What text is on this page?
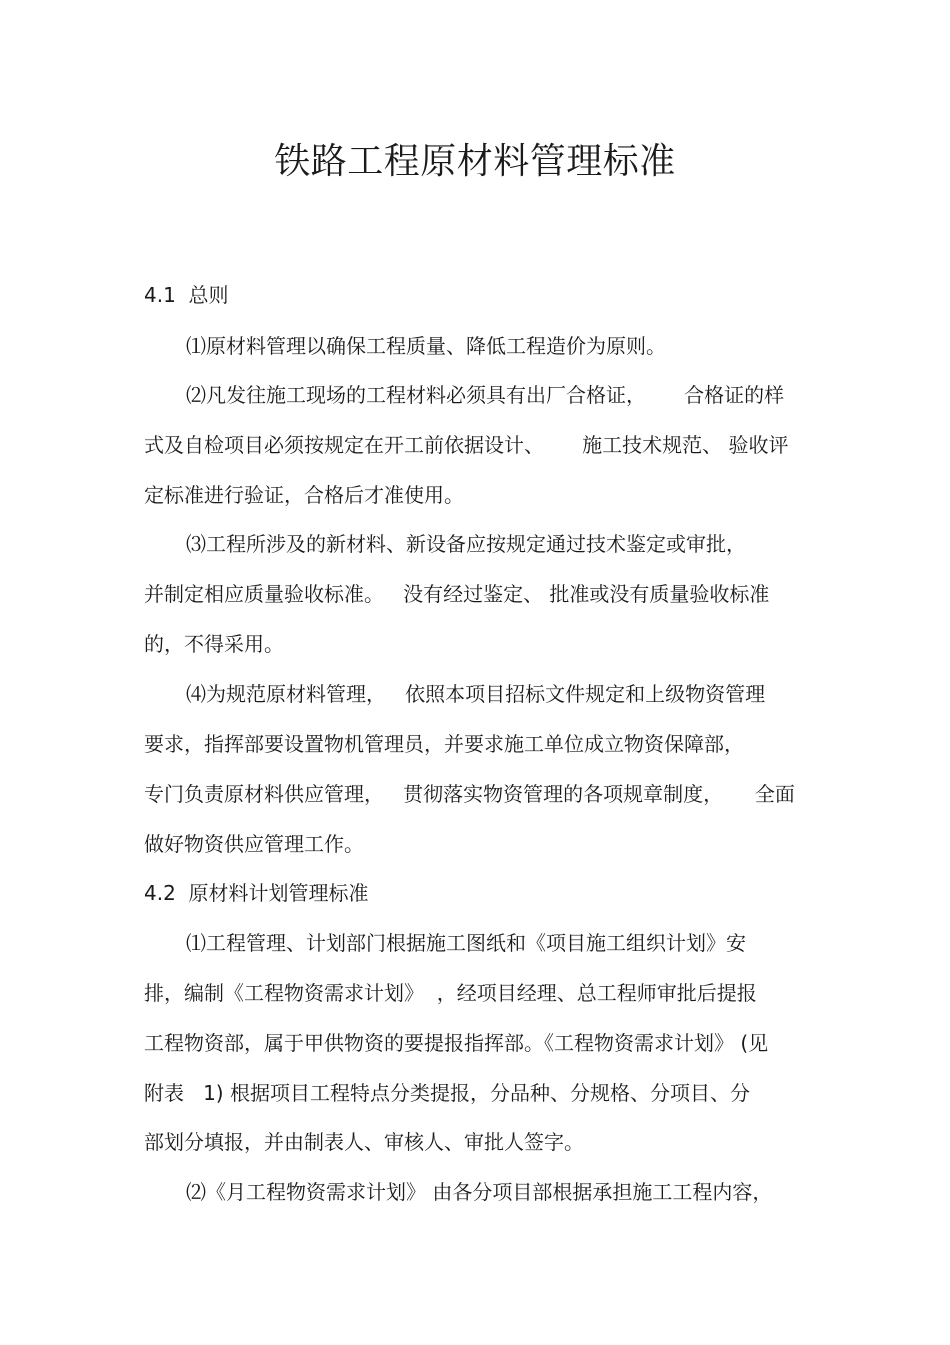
铁路工程原材料管理标准

4.1  总则

⑴原材料管理以确保工程质量、降低工程造价为原则。

⑵凡发往施工现场的工程材料必须具有出厂合格证，      合格证的样

式及自检项目必须按规定在开工前依据设计、      施工技术规范、 验收评

定标准进行验证，合格后才准使用。

⑶工程所涉及的新材料、新设备应按规定通过技术鉴定或审批，

并制定相应质量验收标准。   没有经过鉴定、 批准或没有质量验收标准

的，不得采用。

⑷为规范原材料管理，   依照本项目招标文件规定和上级物资管理

要求，指挥部要设置物机管理员，并要求施工单位成立物资保障部，

专门负责原材料供应管理，   贯彻落实物资管理的各项规章制度，     全面

做好物资供应管理工作。

4.2  原材料计划管理标准

⑴工程管理、计划部门根据施工图纸和《项目施工组织计划》安

排，编制《工程物资需求计划》  ，经项目经理、总工程师审批后提报

工程物资部，属于甲供物资的要提报指挥部。《工程物资需求计划》 (见

附表   1) 根据项目工程特点分类提报，分品种、分规格、分项目、分

部划分填报，并由制表人、审核人、审批人签字。

⑵《月工程物资需求计划》 由各分项目部根据承担施工工程内容，
